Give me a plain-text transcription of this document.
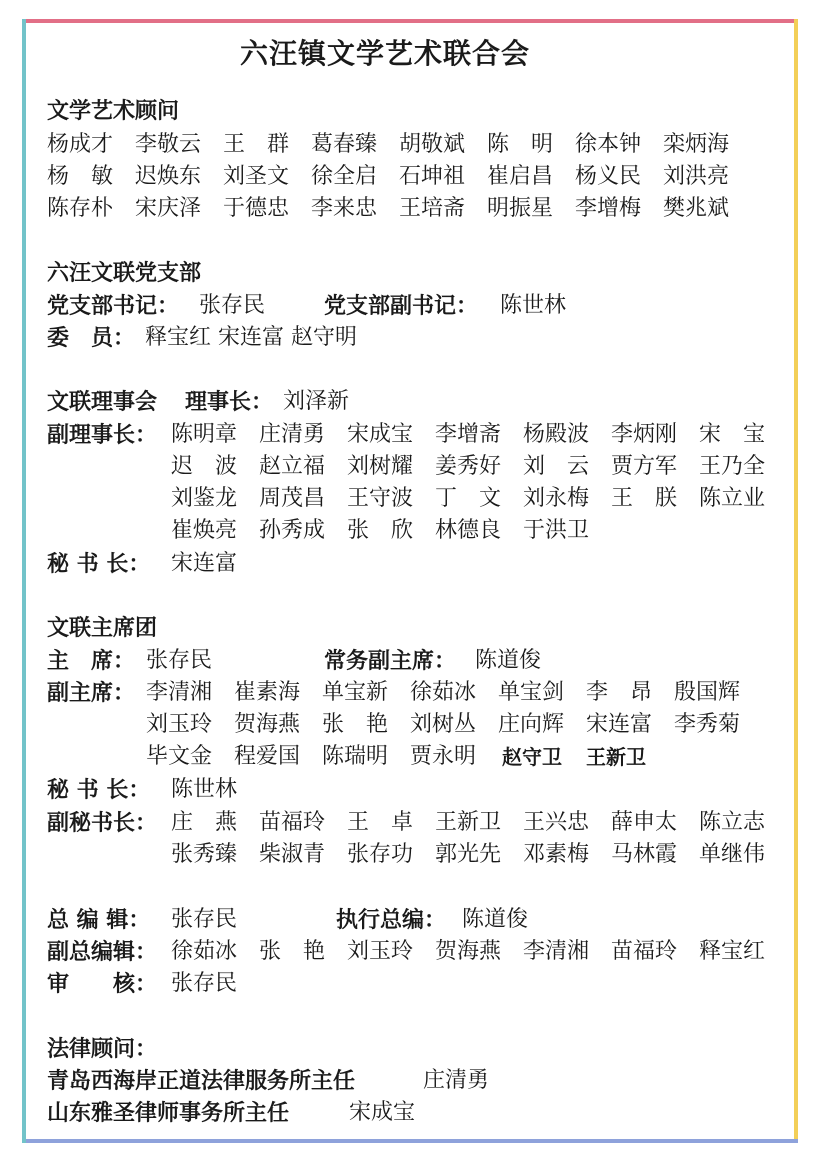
六汪镇文学艺术联合会
文学艺术顾问
杨成才 李敬云 王　群 葛春臻 胡敬斌 陈　明 徐本钟 栾炳海
杨　敏 迟焕东 刘圣文 徐全启 石坤祖 崔启昌 杨义民 刘洪亮
陈存朴 宋庆泽 于德忠 李来忠 王培斋 明振星 李增梅 樊兆斌
六汪文联党支部
党支部书记： 张存民	党支部副书记： 陈世林
委　员： 释宝红 宋连富 赵守明
文联理事会 理事长： 刘泽新
副理事长： 陈明章 庄清勇 宋成宝 李增斋 杨殿波 李炳刚 宋　宝
迟　波 赵立福 刘树耀 姜秀好 刘　云 贾方军 王乃全
刘鉴龙 周茂昌 王守波 丁　文 刘永梅 王　朕 陈立业
崔焕亮 孙秀成 张　欣 林德良 于洪卫
秘 书 长： 宋连富
文联主席团
主　席： 张存民	常务副主席： 陈道俊
副主席： 李清湘 崔素海 单宝新 徐茹冰 单宝剑 李　昂 殷国辉
刘玉玲 贺海燕 张　艳 刘树丛 庄向辉 宋连富 李秀菊
毕文金 程爱国 陈瑞明 贾永明 赵守卫 王新卫
秘 书 长： 陈世林
副秘书长： 庄　燕 苗福玲 王　卓 王新卫 王兴忠 薛申太 陈立志
张秀臻 柴淑青 张存功 郭光先 邓素梅 马林霞 单继伟
总 编 辑： 张存民	执行总编： 陈道俊
副总编辑： 徐茹冰 张　艳 刘玉玲 贺海燕 李清湘 苗福玲 释宝红
审　　核： 张存民
法律顾问：
青岛西海岸正道法律服务所主任	庄清勇
山东雅圣律师事务所主任	宋成宝
